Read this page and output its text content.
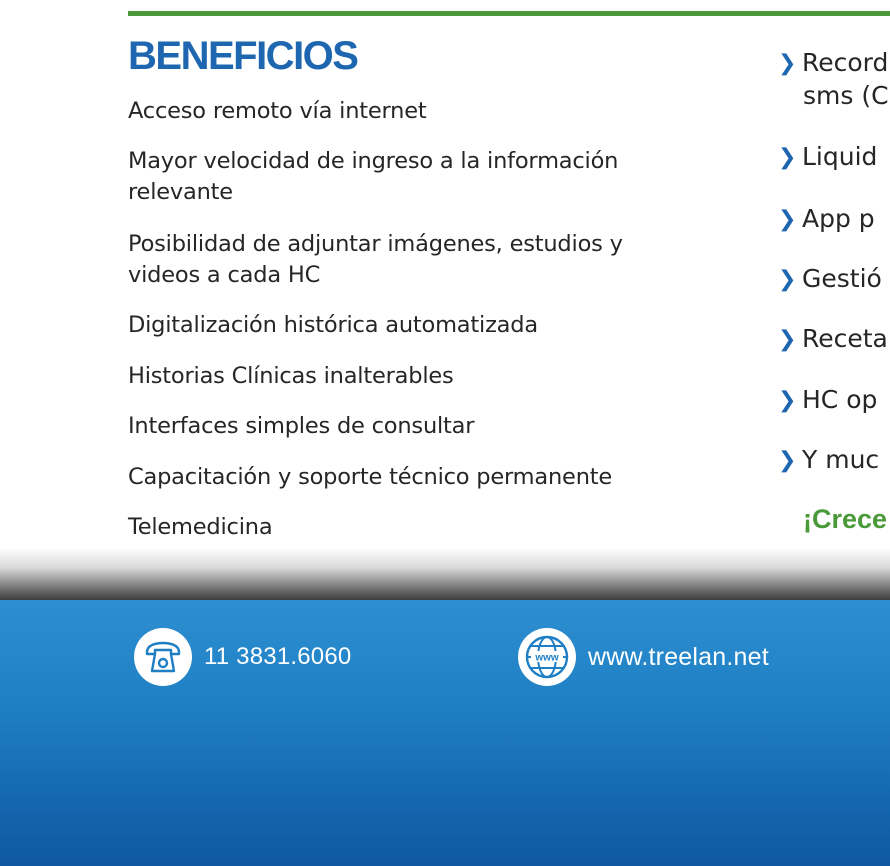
BENEFICIOS
Acceso remoto vía internet
Mayor velocidad de ingreso a la información relevante
Posibilidad de adjuntar imágenes, estudios y videos a cada HC
Digitalización histórica automatizada
Historias Clínicas inalterables
Interfaces simples de consultar
Capacitación y soporte técnico permanente
Telemedicina
❯ Record
sms (C
❯ Liquid
❯ App p
❯ Gestió
❯ Receta
❯ HC op
❯ Y muc
¡Crece
11 3831.6060	www www.treelan.net
